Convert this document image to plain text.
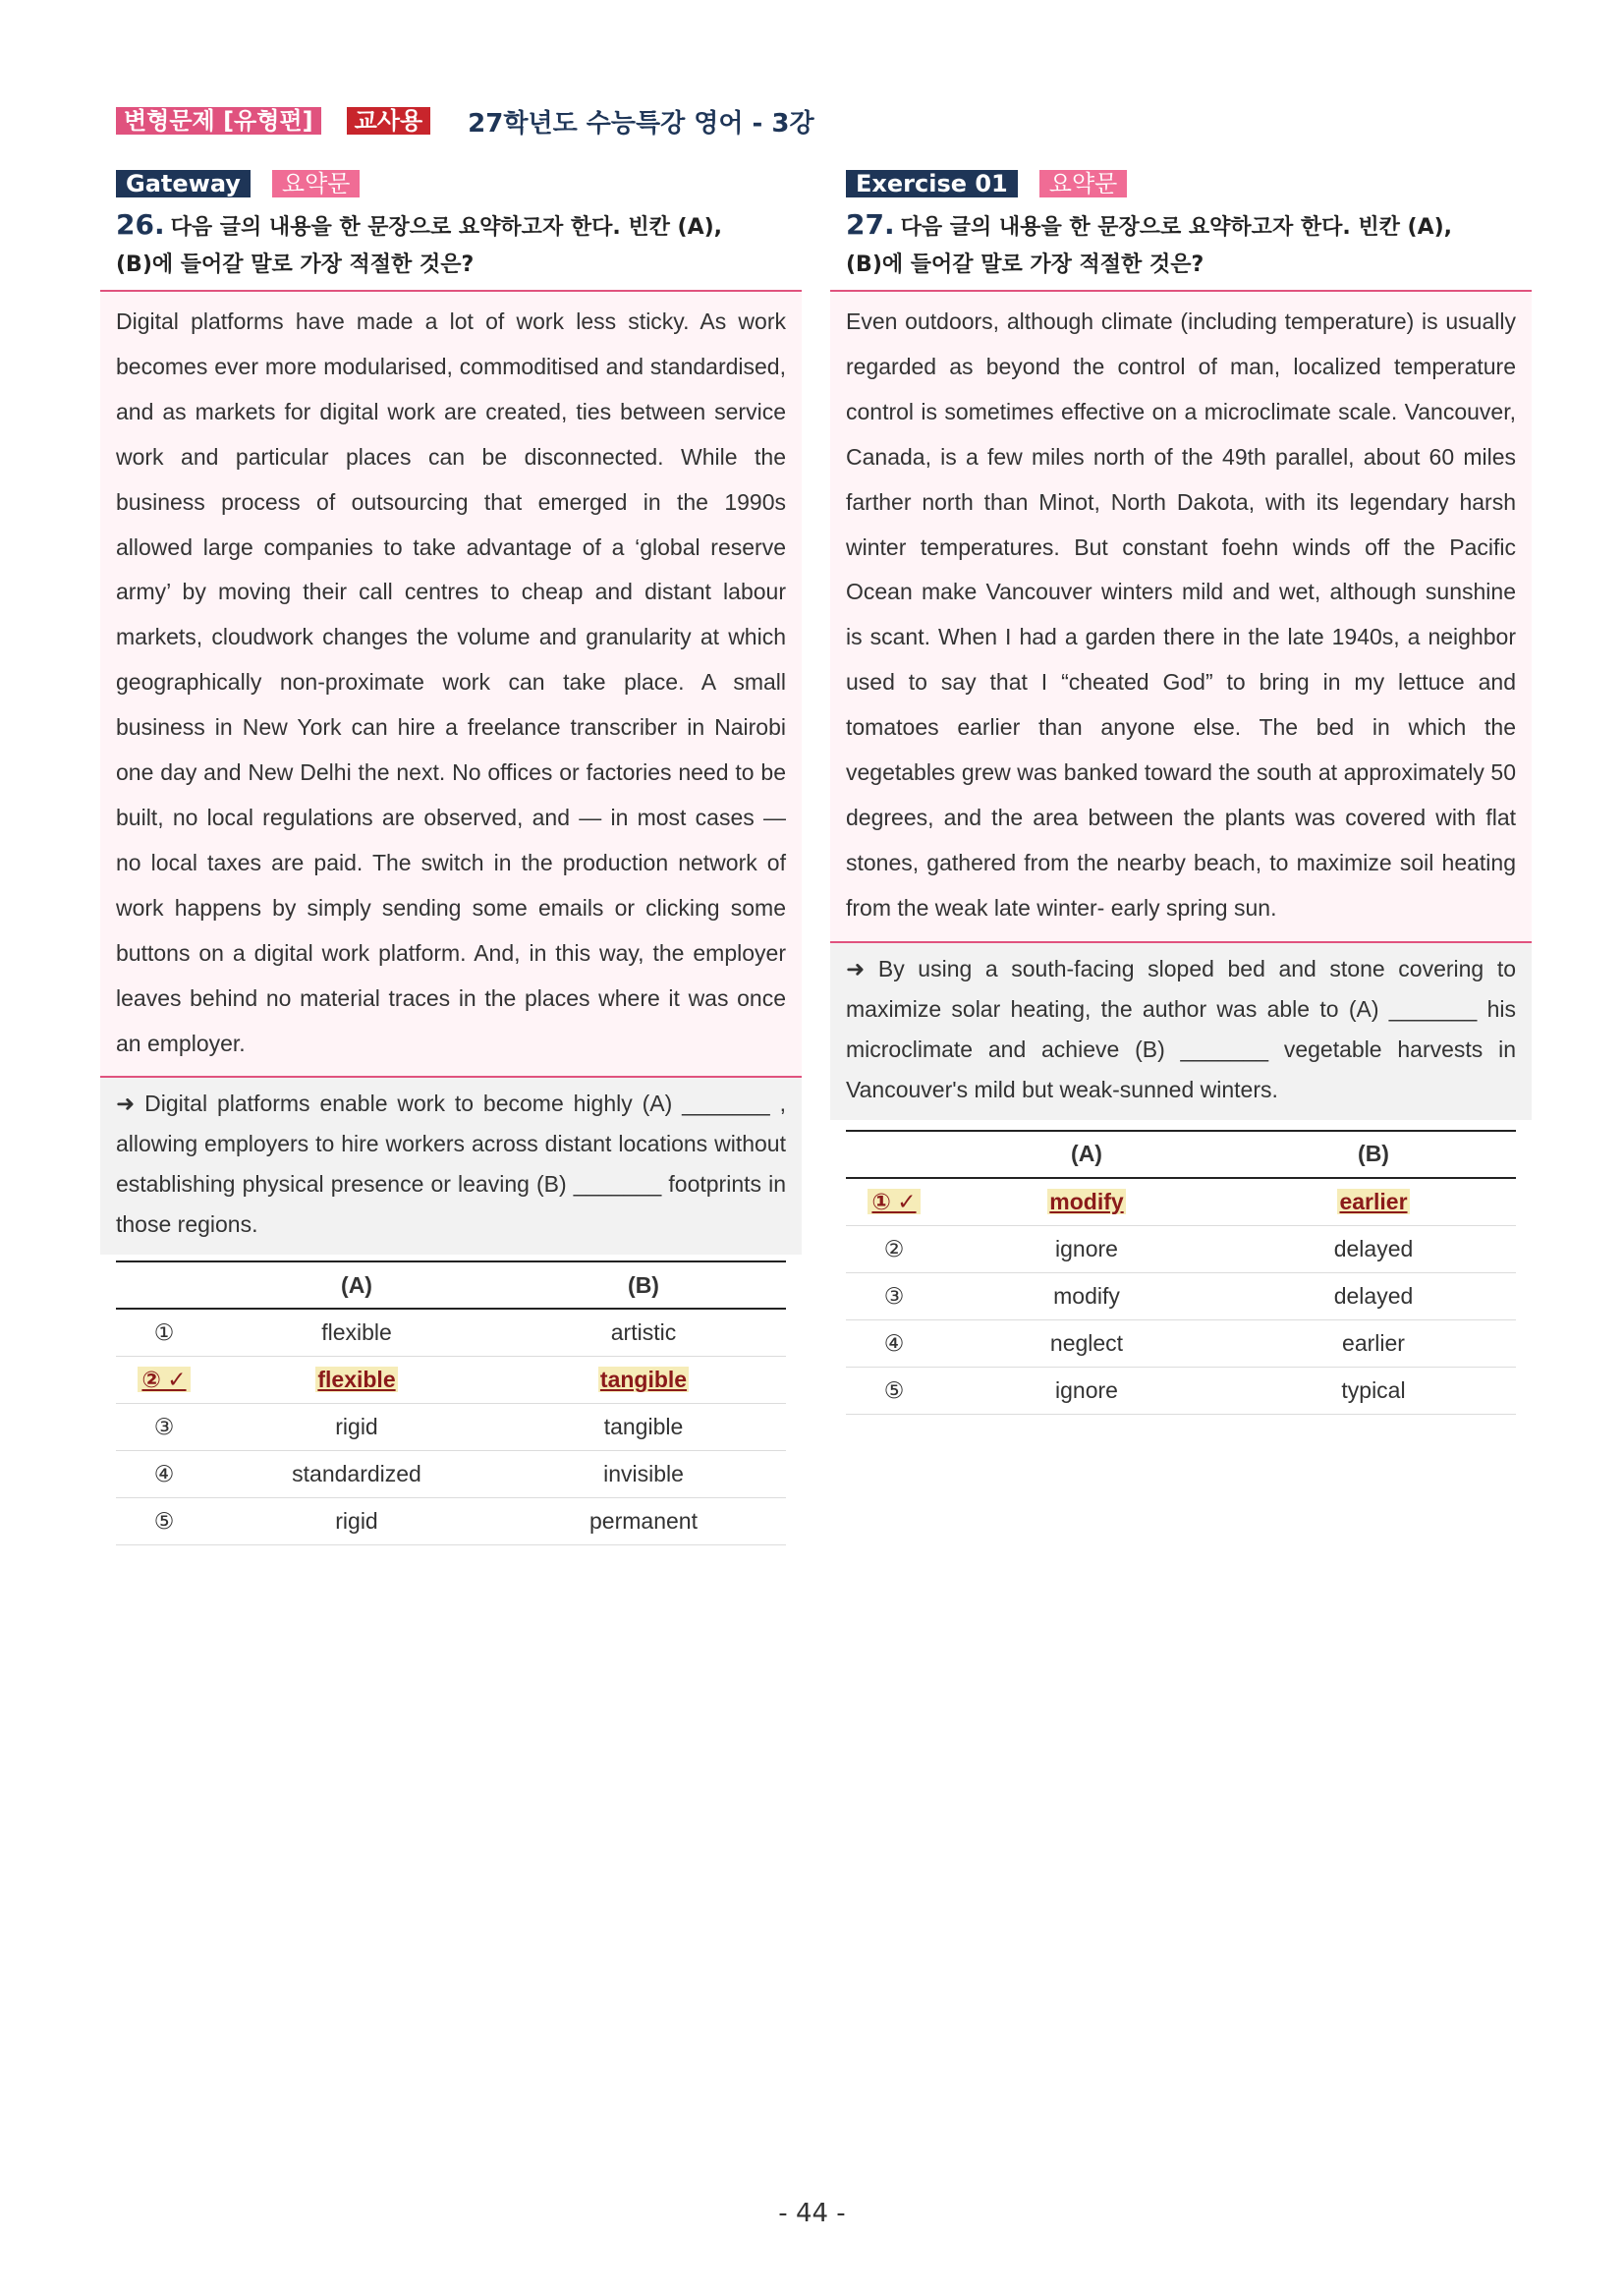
변형문제 [유형편]	교사용	27학년도 수능특강 영어 - 3강
Gateway	요약문
26. 다음 글의 내용을 한 문장으로 요약하고자 한다. 빈칸 (A),
(B)에 들어갈 말로 가장 적절한 것은?
Digital platforms have made a lot of work less sticky. As work becomes ever more modularised, commoditised and standardised, and as markets for digital work are created, ties between service work and particular places can be disconnected. While the business process of outsourcing that emerged in the 1990s allowed large companies to take advantage of a ‘global reserve army’ by moving their call centres to cheap and distant labour markets, cloudwork changes the volume and granularity at which geographically non-proximate work can take place. A small business in New York can hire a freelance transcriber in Nairobi one day and New Delhi the next. No offices or factories need to be built, no local regulations are observed, and — in most cases — no local taxes are paid. The switch in the production network of work happens by simply sending some emails or clicking some buttons on a digital work platform. And, in this way, the employer leaves behind no material traces in the places where it was once an employer.
➜ Digital platforms enable work to become highly (A) _______ , allowing employers to hire workers across distant locations without establishing physical presence or leaving (B) _______ footprints in those regions.
	(A)	(B)
①	flexible	artistic
② ✓	flexible	tangible
③	rigid	tangible
④	standardized	invisible
⑤	rigid	permanent
Exercise 01	요약문
27. 다음 글의 내용을 한 문장으로 요약하고자 한다. 빈칸 (A),
(B)에 들어갈 말로 가장 적절한 것은?
Even outdoors, although climate (including temperature) is usually regarded as beyond the control of man, localized temperature control is sometimes effective on a microclimate scale. Vancouver, Canada, is a few miles north of the 49th parallel, about 60 miles farther north than Minot, North Dakota, with its legendary harsh winter temperatures. But constant foehn winds off the Pacific Ocean make Vancouver winters mild and wet, although sunshine is scant. When I had a garden there in the late 1940s, a neighbor used to say that I “cheated God” to bring in my lettuce and tomatoes earlier than anyone else. The bed in which the vegetables grew was banked toward the south at approximately 50 degrees, and the area between the plants was covered with flat stones, gathered from the nearby beach, to maximize soil heating from the weak late winter- early spring sun.
➜ By using a south-facing sloped bed and stone covering to maximize solar heating, the author was able to (A) _______ his microclimate and achieve (B) _______ vegetable harvests in Vancouver's mild but weak-sunned winters.
	(A)	(B)
① ✓	modify	earlier
②	ignore	delayed
③	modify	delayed
④	neglect	earlier
⑤	ignore	typical
- 44 -
